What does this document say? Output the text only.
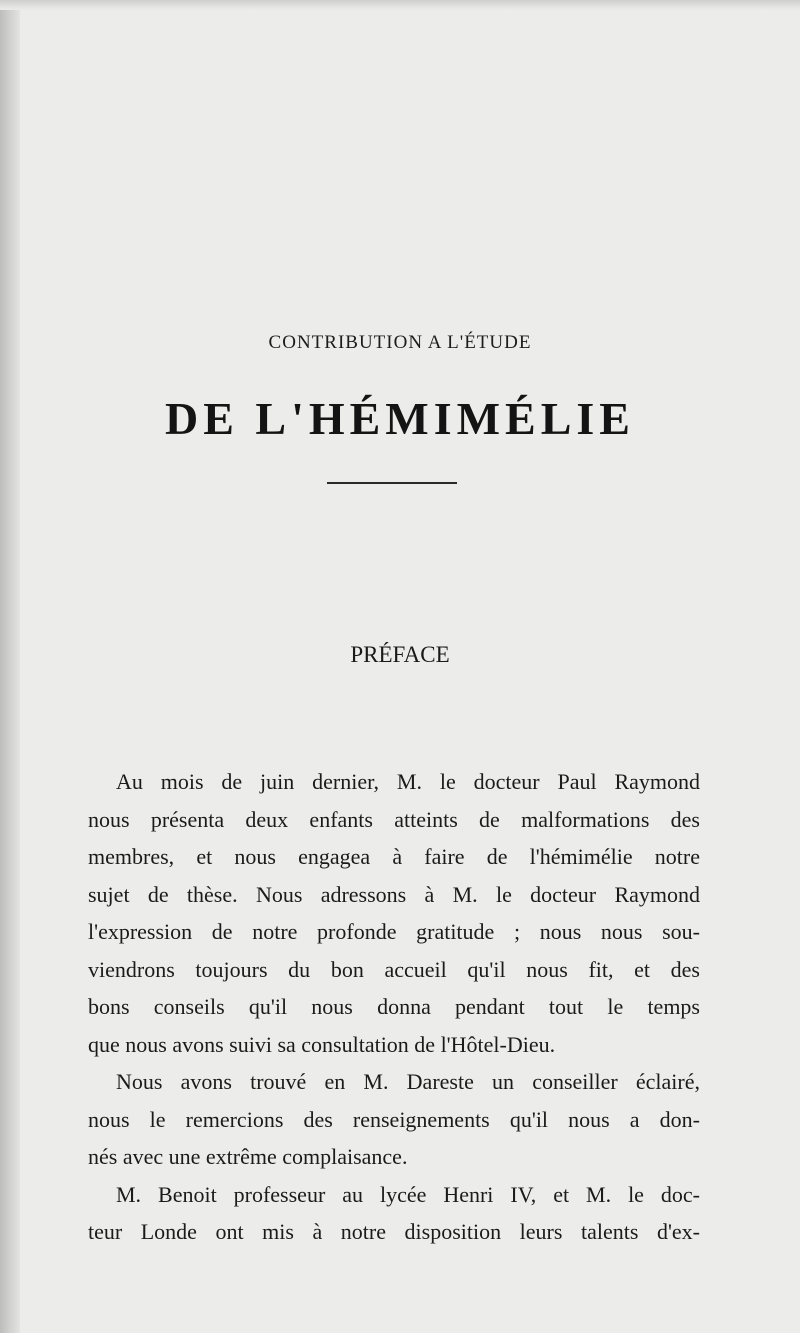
CONTRIBUTION A L'ÉTUDE
DE L'HÉMIMÉLIE
PRÉFACE
Au mois de juin dernier, M. le docteur Paul Raymond
nous présenta deux enfants atteints de malformations des
membres, et nous engagea à faire de l'hémimélie notre
sujet de thèse. Nous adressons à M. le docteur Raymond
l'expression de notre profonde gratitude ; nous nous sou-
viendrons toujours du bon accueil qu'il nous fit, et des
bons conseils qu'il nous donna pendant tout le temps
que nous avons suivi sa consultation de l'Hôtel-Dieu.
Nous avons trouvé en M. Dareste un conseiller éclairé,
nous le remercions des renseignements qu'il nous a don-
nés avec une extrême complaisance.
M. Benoit professeur au lycée Henri IV, et M. le doc-
teur Londe ont mis à notre disposition leurs talents d'ex-
